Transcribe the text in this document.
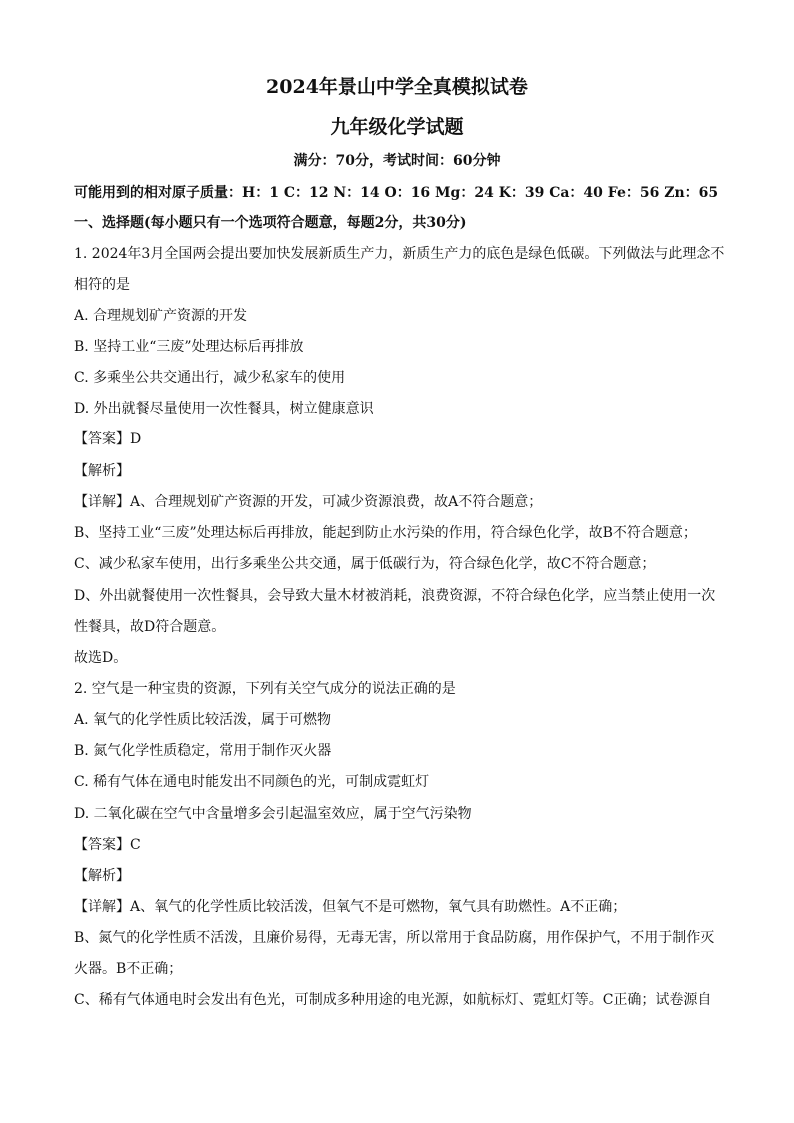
2024年景山中学全真模拟试卷
九年级化学试题
满分：70分，考试时间：60分钟
可能用到的相对原子质量：H：1 C：12 N：14 O：16 Mg：24 K：39 Ca：40 Fe：56 Zn：65
一、选择题(每小题只有一个选项符合题意，每题2分，共30分)
1. 2024年3月全国两会提出要加快发展新质生产力，新质生产力的底色是绿色低碳。下列做法与此理念不
相符的是
A. 合理规划矿产资源的开发
B. 坚持工业“三废”处理达标后再排放
C. 多乘坐公共交通出行，减少私家车的使用
D. 外出就餐尽量使用一次性餐具，树立健康意识
【答案】D
【解析】
【详解】A、合理规划矿产资源的开发，可减少资源浪费，故A不符合题意；
B、坚持工业“三废”处理达标后再排放，能起到防止水污染的作用，符合绿色化学，故B不符合题意；
C、减少私家车使用，出行多乘坐公共交通，属于低碳行为，符合绿色化学，故C不符合题意；
D、外出就餐使用一次性餐具，会导致大量木材被消耗，浪费资源，不符合绿色化学，应当禁止使用一次
性餐具，故D符合题意。
故选D。
2. 空气是一种宝贵的资源，下列有关空气成分的说法正确的是
A. 氧气的化学性质比较活泼，属于可燃物
B. 氮气化学性质稳定，常用于制作灭火器
C. 稀有气体在通电时能发出不同颜色的光，可制成霓虹灯
D. 二氧化碳在空气中含量增多会引起温室效应，属于空气污染物
【答案】C
【解析】
【详解】A、氧气的化学性质比较活泼，但氧气不是可燃物，氧气具有助燃性。A不正确；
B、氮气的化学性质不活泼，且廉价易得，无毒无害，所以常用于食品防腐，用作保护气，不用于制作灭
火器。B不正确；
C、稀有气体通电时会发出有色光，可制成多种用途的电光源，如航标灯、霓虹灯等。C正确；试卷源自
